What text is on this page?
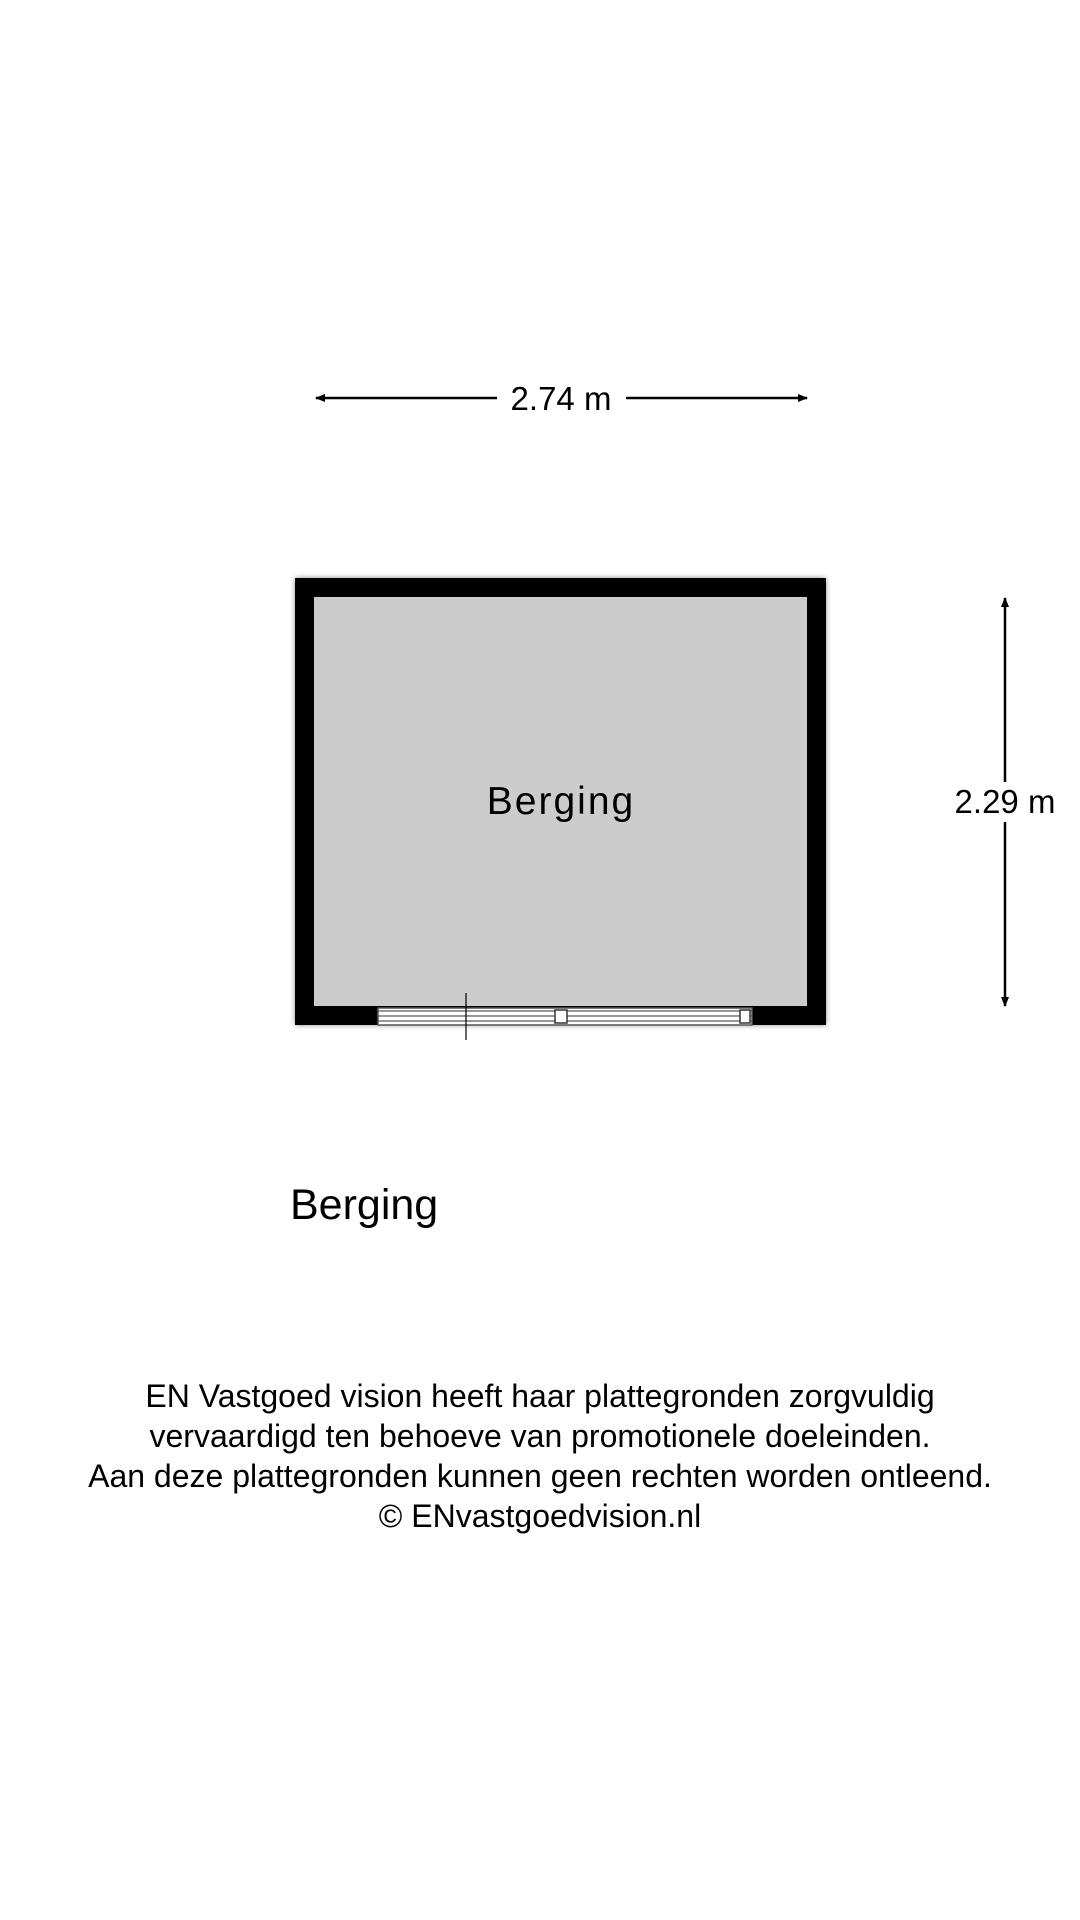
2.74 m
2.29 m
Berging
Berging
EN Vastgoed vision heeft haar plattegronden zorgvuldig
vervaardigd ten behoeve van promotionele doeleinden.
Aan deze plattegronden kunnen geen rechten worden ontleend.
© ENvastgoedvision.nl
